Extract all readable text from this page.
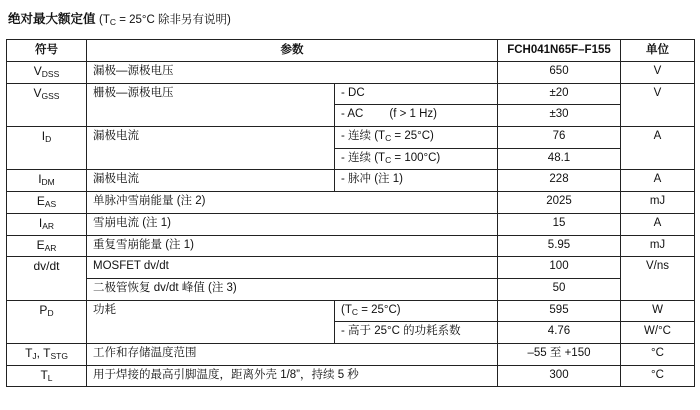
绝对最大额定值 ($T_C = 25^\circ C$ 除非另有说明)
符号	参数		FCH041N65F–F155	单位
$V_{DSS}$	漏极—源极电压		650	V
$V_{GSS}$	栅极—源极电压	- DC	±20	V
		- AC (f > 1 Hz)	±30	
$I_D$	漏极电流	- 连续 $(T_C = 25^\circ C)$	76	A
		- 连续 $(T_C = 100^\circ C)$	48.1	
$I_{DM}$	漏极电流	- 脉冲 (注 1)	228	A
$E_{AS}$	单脉冲雪崩能量 (注 2)		2025	mJ
$I_{AR}$	雪崩电流 (注 1)		15	A
$E_{AR}$	重复雪崩能量 (注 1)		5.95	mJ
dv/dt	MOSFET dv/dt		100	V/ns
	二极管恢复 dv/dt 峰值 (注 3)		50	
$P_D$	功耗	$(T_C = 25^\circ C)$	595	W
		- 高于 25°C 的功耗系数	4.76	W/°C
$T_J$, $T_{STG}$	工作和存储温度范围		–55 至 +150	°C
$T_L$	用于焊接的最高引脚温度，距离外壳 1/8”，持续 5 秒		300	°C
